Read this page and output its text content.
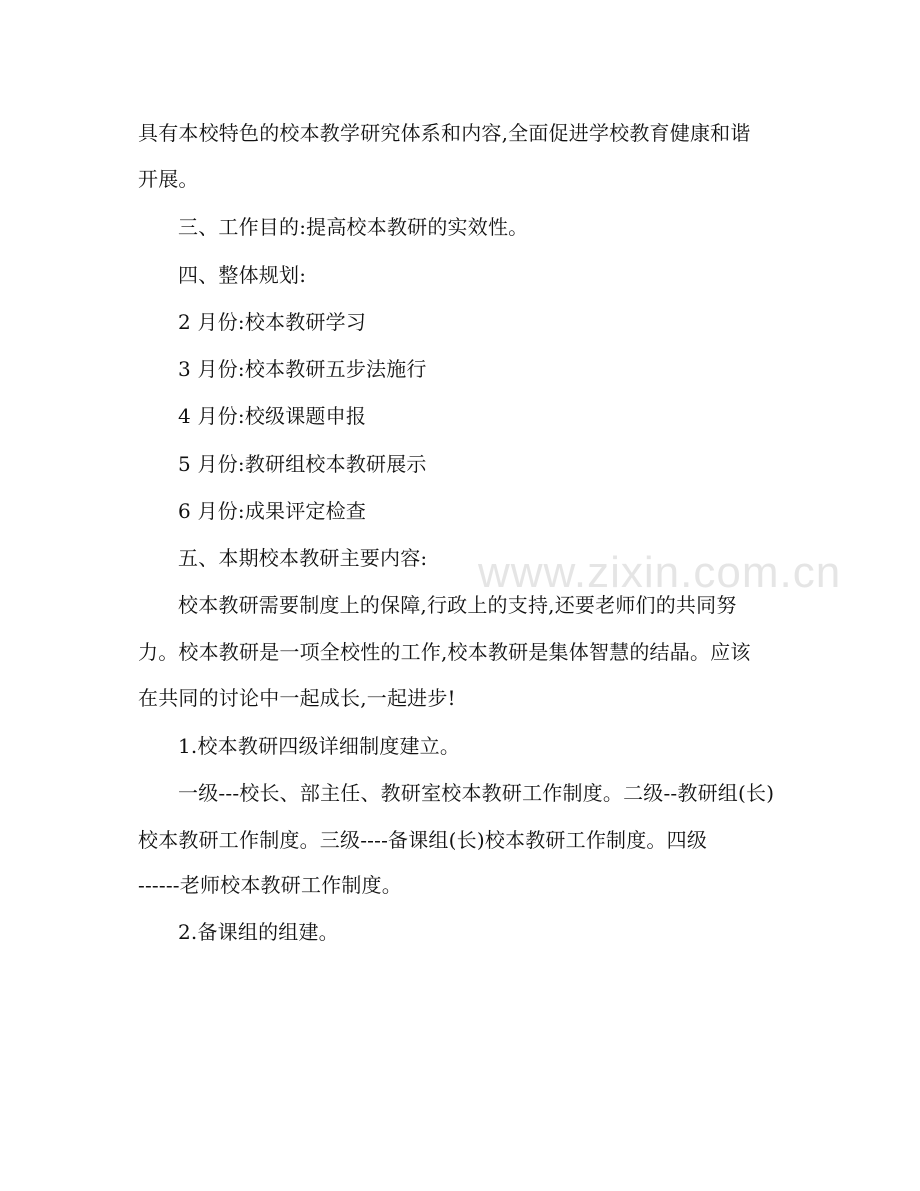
具有本校特色的校本教学研究体系和内容,全面促进学校教育健康和谐
开展。
三、工作目的:提高校本教研的实效性。
四、整体规划:
2 月份:校本教研学习
3 月份:校本教研五步法施行
4 月份:校级课题申报
5 月份:教研组校本教研展示
6 月份:成果评定检查
五、本期校本教研主要内容:
校本教研需要制度上的保障,行政上的支持,还要老师们的共同努
力。校本教研是一项全校性的工作,校本教研是集体智慧的结晶。应该
在共同的讨论中一起成长,一起进步!
1.校本教研四级详细制度建立。
一级---校长、部主任、教研室校本教研工作制度。二级--教研组(长)
校本教研工作制度。三级----备课组(长)校本教研工作制度。四级
------老师校本教研工作制度。
2.备课组的组建。
www.zixin.com.cn
